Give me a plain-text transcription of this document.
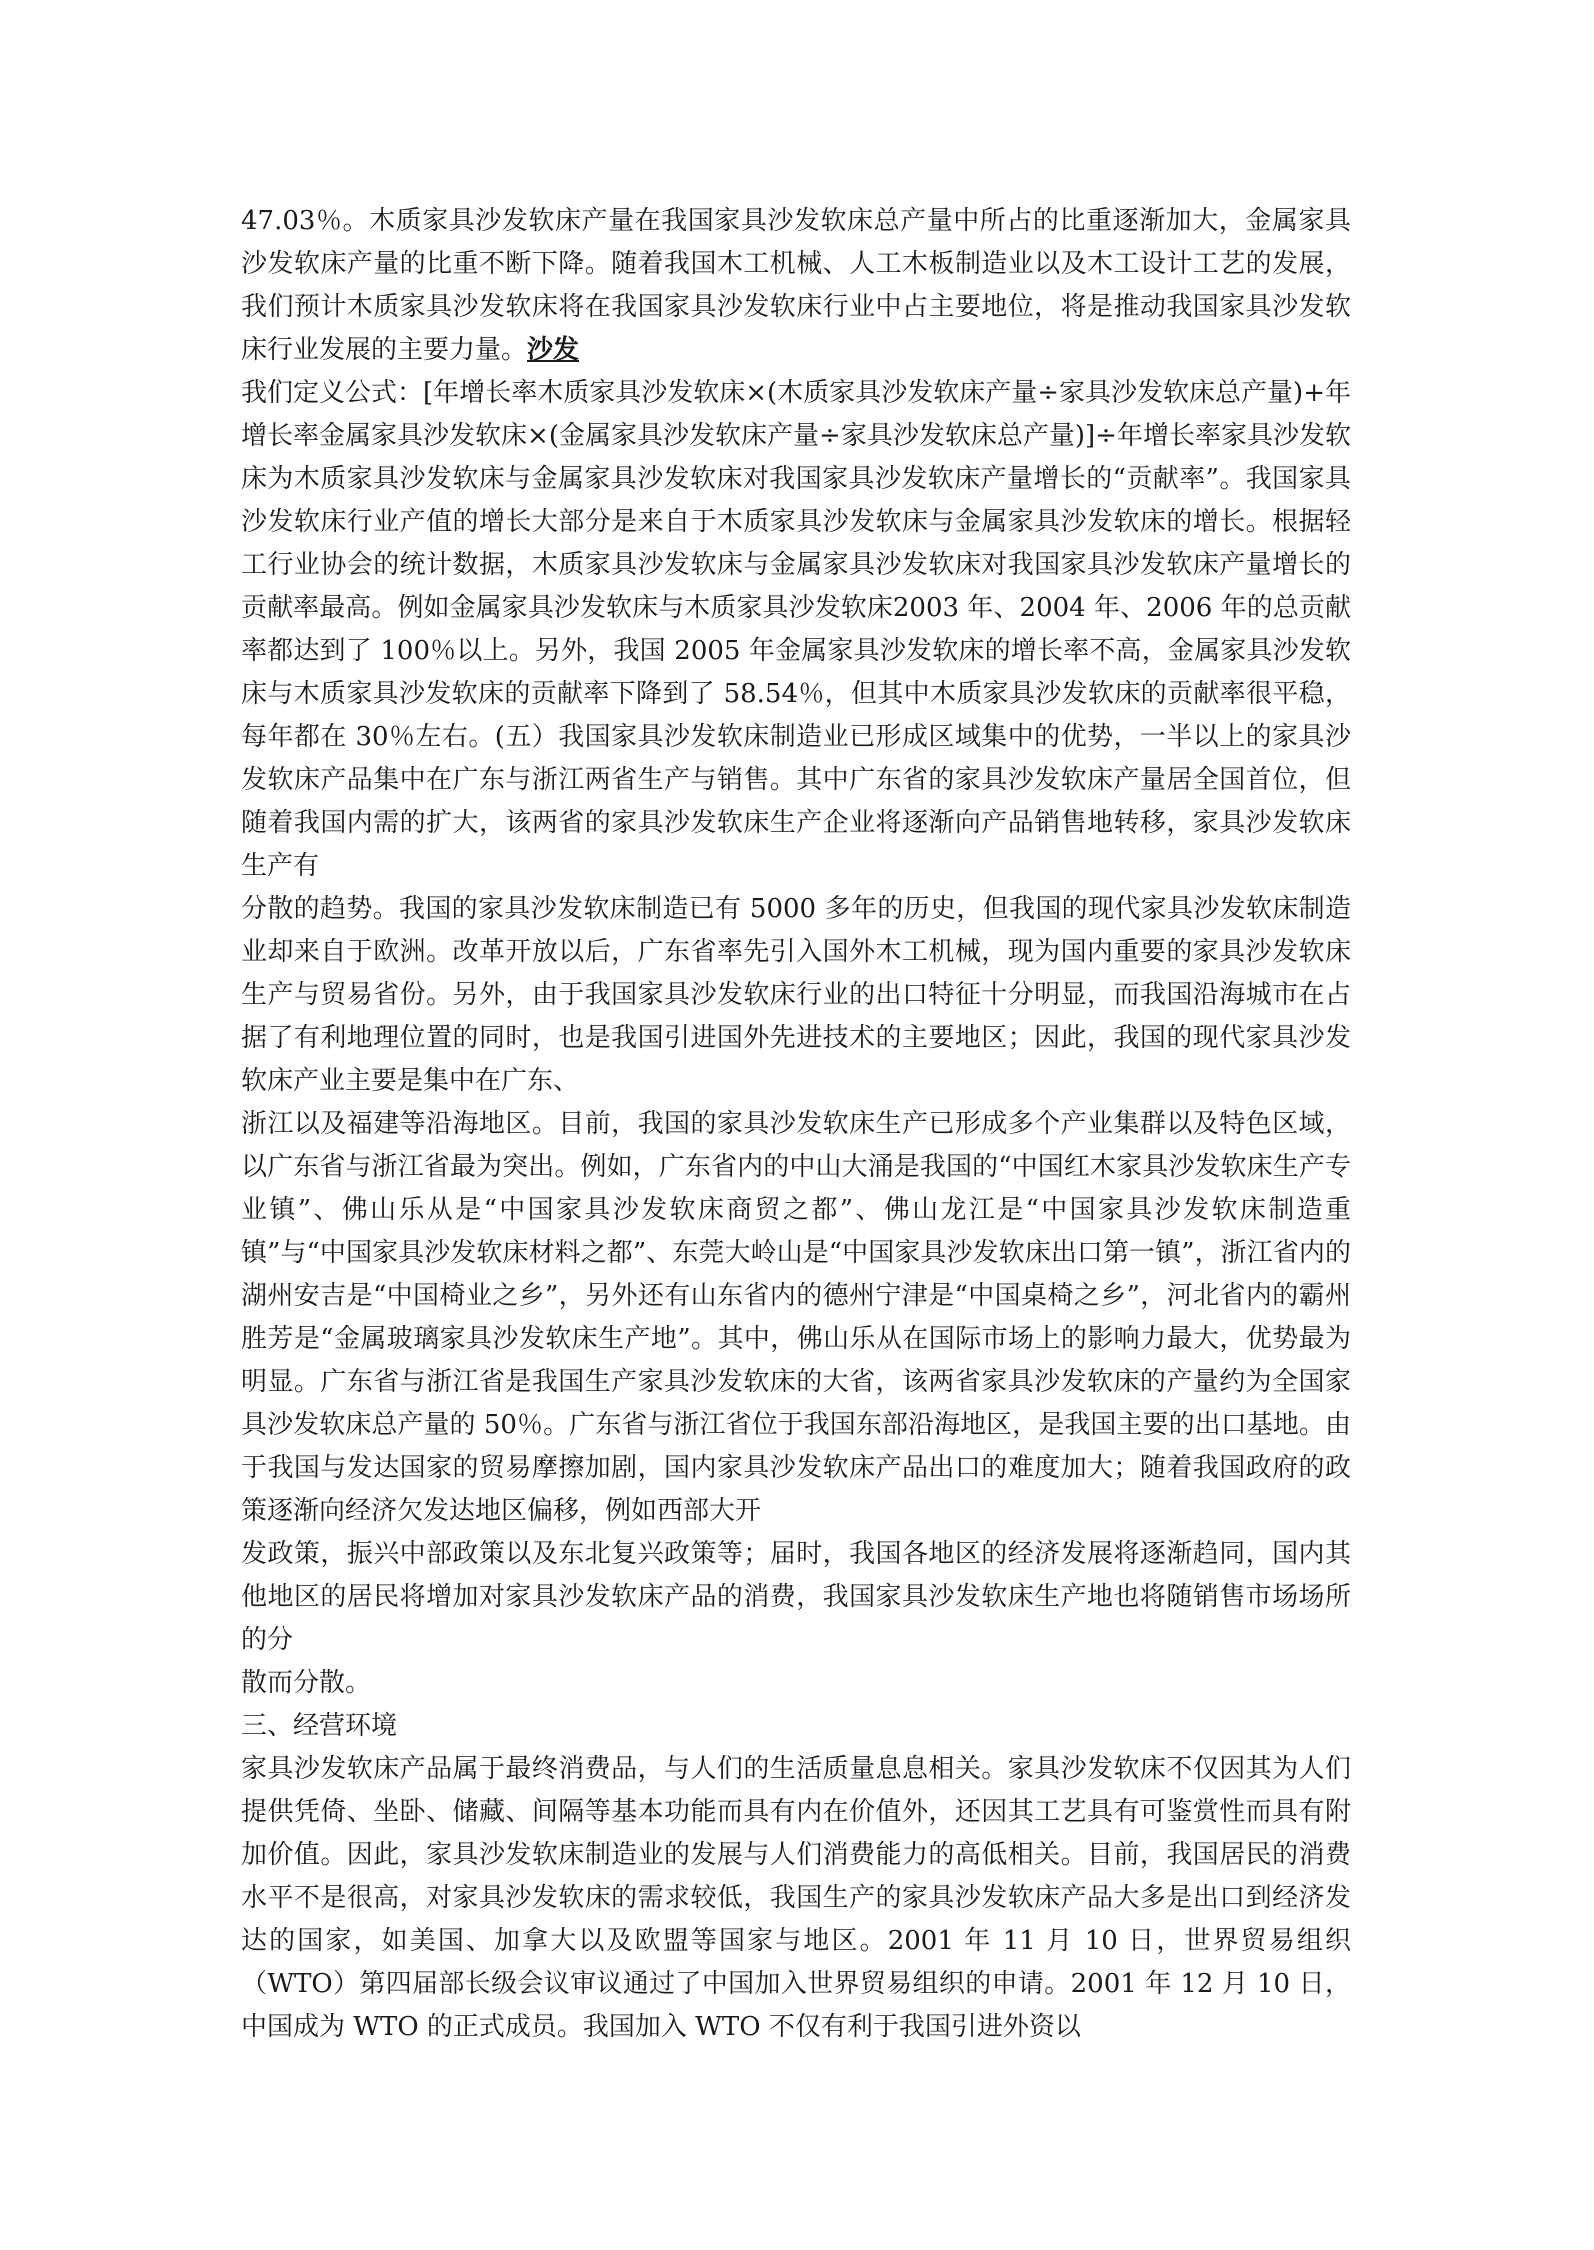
47.03％。木质家具沙发软床产量在我国家具沙发软床总产量中所占的比重逐渐加大，金属家具沙发软床产量的比重不断下降。随着我国木工机械、人工木板制造业以及木工设计工艺的发展，我们预计木质家具沙发软床将在我国家具沙发软床行业中占主要地位，将是推动我国家具沙发软床行业发展的主要力量。沙发

我们定义公式：[年增长率木质家具沙发软床×(木质家具沙发软床产量÷家具沙发软床总产量)+年增长率金属家具沙发软床×(金属家具沙发软床产量÷家具沙发软床总产量)]÷年增长率家具沙发软床为木质家具沙发软床与金属家具沙发软床对我国家具沙发软床产量增长的“贡献率”。我国家具沙发软床行业产值的增长大部分是来自于木质家具沙发软床与金属家具沙发软床的增长。根据轻工行业协会的统计数据，木质家具沙发软床与金属家具沙发软床对我国家具沙发软床产量增长的贡献率最高。例如金属家具沙发软床与木质家具沙发软床2003 年、2004 年、2006 年的总贡献率都达到了 100％以上。另外，我国 2005 年金属家具沙发软床的增长率不高，金属家具沙发软床与木质家具沙发软床的贡献率下降到了 58.54％，但其中木质家具沙发软床的贡献率很平稳，每年都在 30％左右。(五）我国家具沙发软床制造业已形成区域集中的优势，一半以上的家具沙发软床产品集中在广东与浙江两省生产与销售。其中广东省的家具沙发软床产量居全国首位，但随着我国内需的扩大，该两省的家具沙发软床生产企业将逐渐向产品销售地转移，家具沙发软床生产有

分散的趋势。我国的家具沙发软床制造已有 5000 多年的历史，但我国的现代家具沙发软床制造业却来自于欧洲。改革开放以后，广东省率先引入国外木工机械，现为国内重要的家具沙发软床生产与贸易省份。另外，由于我国家具沙发软床行业的出口特征十分明显，而我国沿海城市在占据了有利地理位置的同时，也是我国引进国外先进技术的主要地区；因此，我国的现代家具沙发软床产业主要是集中在广东、

浙江以及福建等沿海地区。目前，我国的家具沙发软床生产已形成多个产业集群以及特色区域，以广东省与浙江省最为突出。例如，广东省内的中山大涌是我国的“中国红木家具沙发软床生产专业镇”、佛山乐从是“中国家具沙发软床商贸之都”、佛山龙江是“中国家具沙发软床制造重镇”与“中国家具沙发软床材料之都”、东莞大岭山是“中国家具沙发软床出口第一镇”，浙江省内的湖州安吉是“中国椅业之乡”，另外还有山东省内的德州宁津是“中国桌椅之乡”，河北省内的霸州胜芳是“金属玻璃家具沙发软床生产地”。其中，佛山乐从在国际市场上的影响力最大，优势最为明显。广东省与浙江省是我国生产家具沙发软床的大省，该两省家具沙发软床的产量约为全国家具沙发软床总产量的 50％。广东省与浙江省位于我国东部沿海地区，是我国主要的出口基地。由于我国与发达国家的贸易摩擦加剧，国内家具沙发软床产品出口的难度加大；随着我国政府的政策逐渐向经济欠发达地区偏移，例如西部大开

发政策，振兴中部政策以及东北复兴政策等；届时，我国各地区的经济发展将逐渐趋同，国内其他地区的居民将增加对家具沙发软床产品的消费，我国家具沙发软床生产地也将随销售市场场所的分

散而分散。

三、经营环境

家具沙发软床产品属于最终消费品，与人们的生活质量息息相关。家具沙发软床不仅因其为人们提供凭倚、坐卧、储藏、间隔等基本功能而具有内在价值外，还因其工艺具有可鉴赏性而具有附加价值。因此，家具沙发软床制造业的发展与人们消费能力的高低相关。目前，我国居民的消费水平不是很高，对家具沙发软床的需求较低，我国生产的家具沙发软床产品大多是出口到经济发达的国家，如美国、加拿大以及欧盟等国家与地区。2001 年 11 月 10 日，世界贸易组织（WTO）第四届部长级会议审议通过了中国加入世界贸易组织的申请。2001 年 12 月 10 日，中国成为 WTO 的正式成员。我国加入 WTO 不仅有利于我国引进外资以
